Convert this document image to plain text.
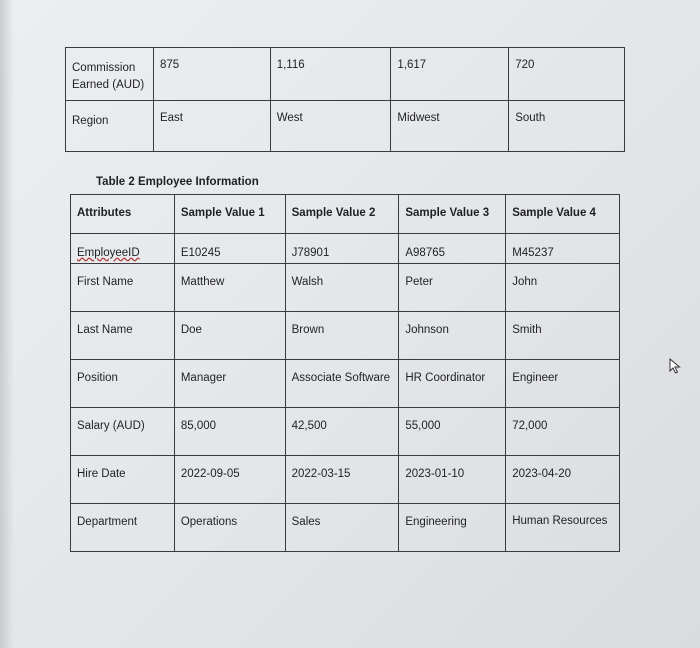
Commission Earned (AUD)	875	1,116	1,617	720

Region	East	West	Midwest	South
Table 2 Employee Information
Attributes	Sample Value 1	Sample Value 2	Sample Value 3	Sample Value 4

EmployeeID	E10245	J78901	A98765	M45237

First Name	Matthew	Walsh	Peter	John

Last Name	Doe	Brown	Johnson	Smith

Position	Manager	Associate Software	HR Coordinator	Engineer

Salary (AUD)	85,000	42,500	55,000	72,000

Hire Date	2022-09-05	2022-03-15	2023-01-10	2023-04-20

Department	Operations	Sales	Engineering	Human Resources
